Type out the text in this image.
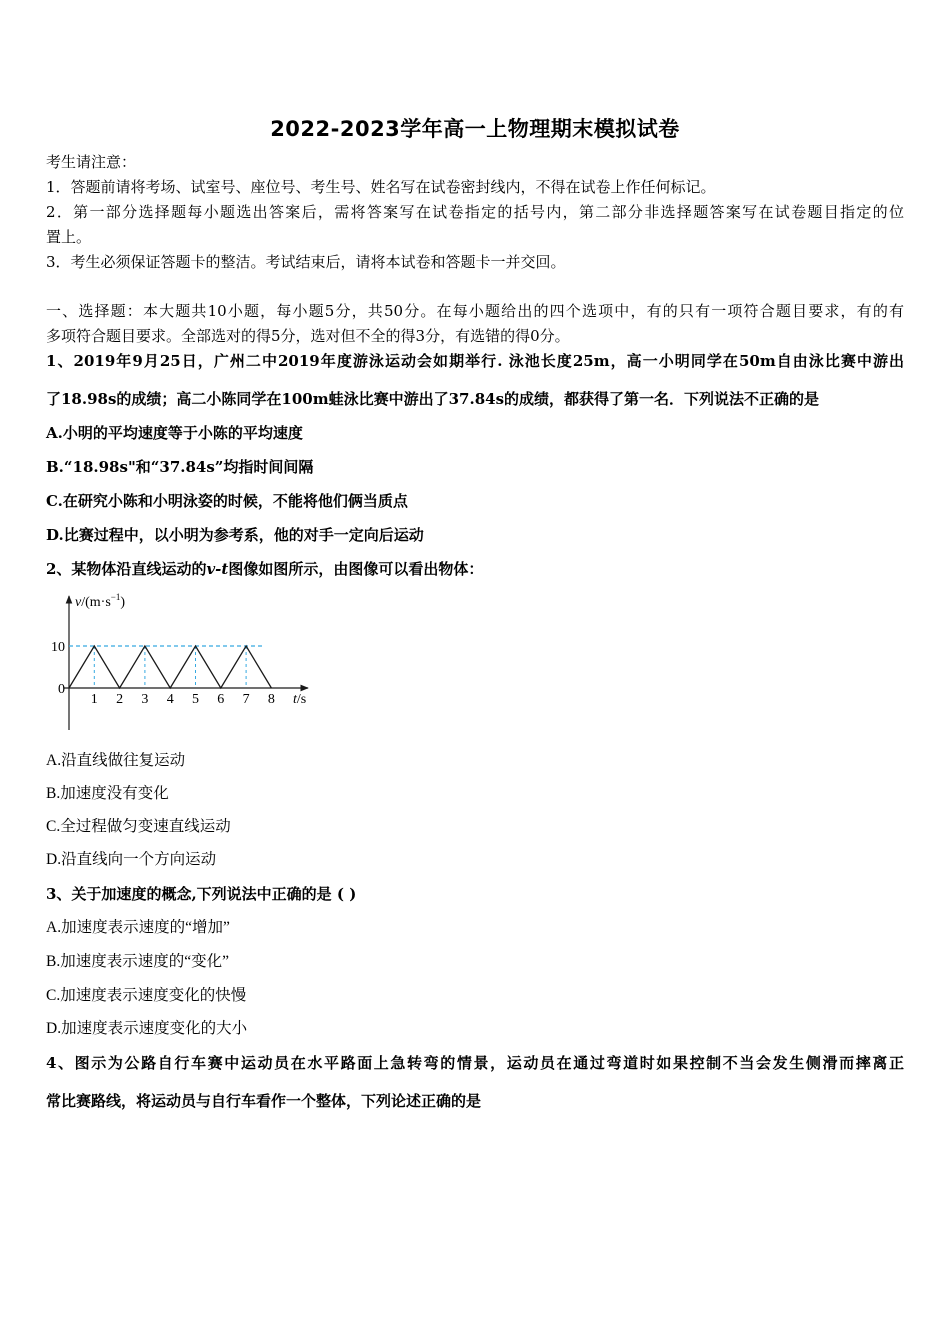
2022-2023学年高一上物理期末模拟试卷
考生请注意：
1．答题前请将考场、试室号、座位号、考生号、姓名写在试卷密封线内，不得在试卷上作任何标记。
2．第一部分选择题每小题选出答案后，需将答案写在试卷指定的括号内，第二部分非选择题答案写在试卷题目指定的位
置上。
3．考生必须保证答题卡的整洁。考试结束后，请将本试卷和答题卡一并交回。
一、选择题：本大题共10小题，每小题5分，共50分。在每小题给出的四个选项中，有的只有一项符合题目要求，有的有
多项符合题目要求。全部选对的得5分，选对但不全的得3分，有选错的得0分。
1、2019年9月25日，广州二中2019年度游泳运动会如期举行. 泳池长度25m，高一小明同学在50m自由泳比赛中游出
了18.98s的成绩；高二小陈同学在100m蛙泳比赛中游出了37.84s的成绩，都获得了第一名．下列说法不正确的是
A.小明的平均速度等于小陈的平均速度
B.“18.98s"和“37.84s”均指时间间隔
C.在研究小陈和小明泳姿的时候，不能将他们俩当质点
D.比赛过程中，以小明为参考系，他的对手一定向后运动
2、某物体沿直线运动的v-t图像如图所示，由图像可以看出物体：
$v/(m\cdot s^{-1})$
t/s
0
1 2 3 4 5 6 7 8
10
A.沿直线做往复运动
B.加速度没有变化
C.全过程做匀变速直线运动
D.沿直线向一个方向运动
3、关于加速度的概念,下列说法中正确的是 ( )
A.加速度表示速度的“增加”
B.加速度表示速度的“变化”
C.加速度表示速度变化的快慢
D.加速度表示速度变化的大小
4、图示为公路自行车赛中运动员在水平路面上急转弯的情景，运动员在通过弯道时如果控制不当会发生侧滑而摔离正
常比赛路线，将运动员与自行车看作一个整体，下列论述正确的是
